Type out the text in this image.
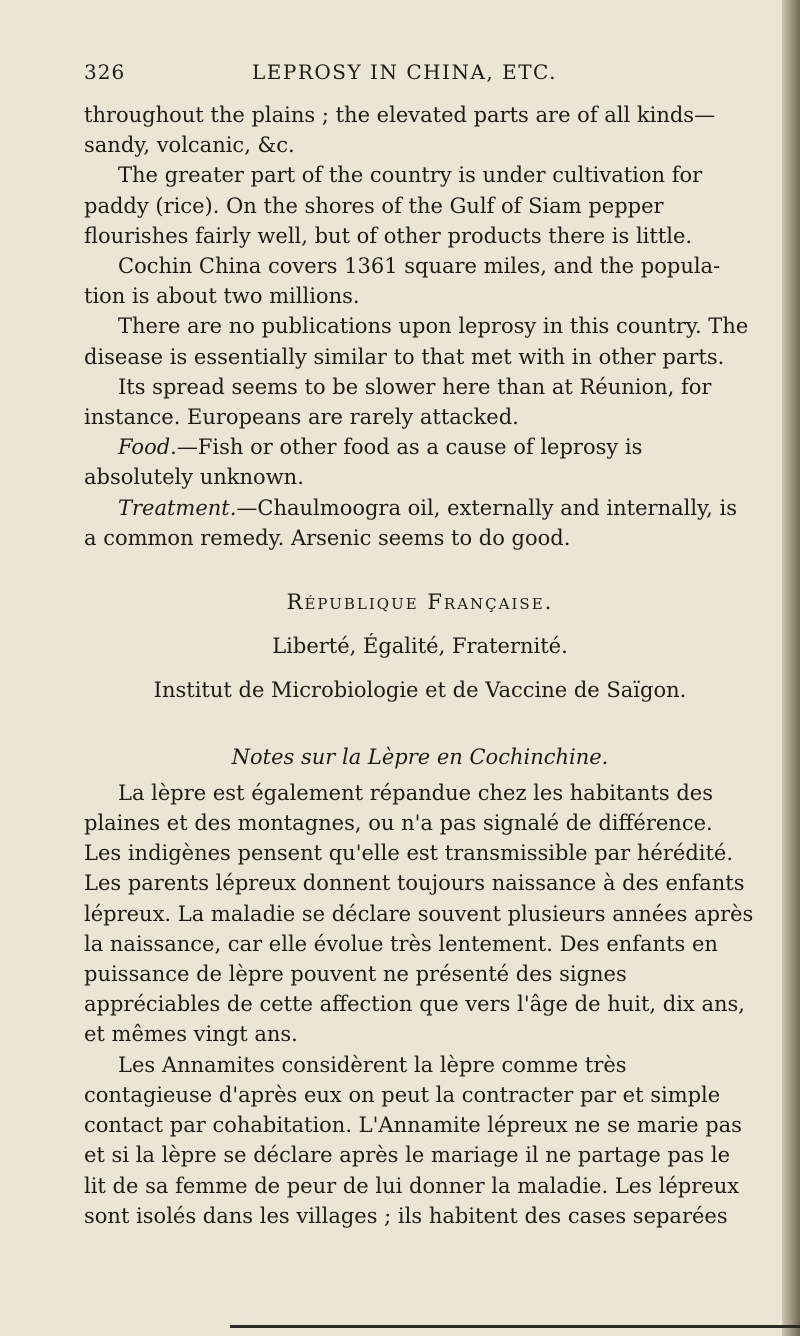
326	LEPROSY IN CHINA, ETC.

throughout the plains ; the elevated parts are of all kinds— sandy, volcanic, &c.

The greater part of the country is under cultivation for paddy (rice). On the shores of the Gulf of Siam pepper flourishes fairly well, but of other products there is little.

Cochin China covers 1361 square miles, and the popula- tion is about two millions.

There are no publications upon leprosy in this country. The disease is essentially similar to that met with in other parts.

Its spread seems to be slower here than at Réunion, for instance. Europeans are rarely attacked.

Food.—Fish or other food as a cause of leprosy is absolutely unknown.

Treatment.—Chaulmoogra oil, externally and internally, is a common remedy. Arsenic seems to do good.

République Française.

Liberté, Égalité, Fraternité.

Institut de Microbiologie et de Vaccine de Saïgon.

Notes sur la Lèpre en Cochinchine.

La lèpre est également répandue chez les habitants des plaines et des montagnes, ou n'a pas signalé de différence. Les indigènes pensent qu'elle est transmissible par hérédité. Les parents lépreux donnent toujours naissance à des enfants lépreux. La maladie se déclare souvent plusieurs années après la naissance, car elle évolue très lentement. Des enfants en puissance de lèpre pouvent ne présenté des signes appréciables de cette affection que vers l'âge de huit, dix ans, et mêmes vingt ans.

Les Annamites considèrent la lèpre comme très contagieuse d'après eux on peut la contracter par et simple contact par cohabitation. L'Annamite lépreux ne se marie pas et si la lèpre se déclare après le mariage il ne partage pas le lit de sa femme de peur de lui donner la maladie. Les lépreux sont isolés dans les villages ; ils habitent des cases separées
